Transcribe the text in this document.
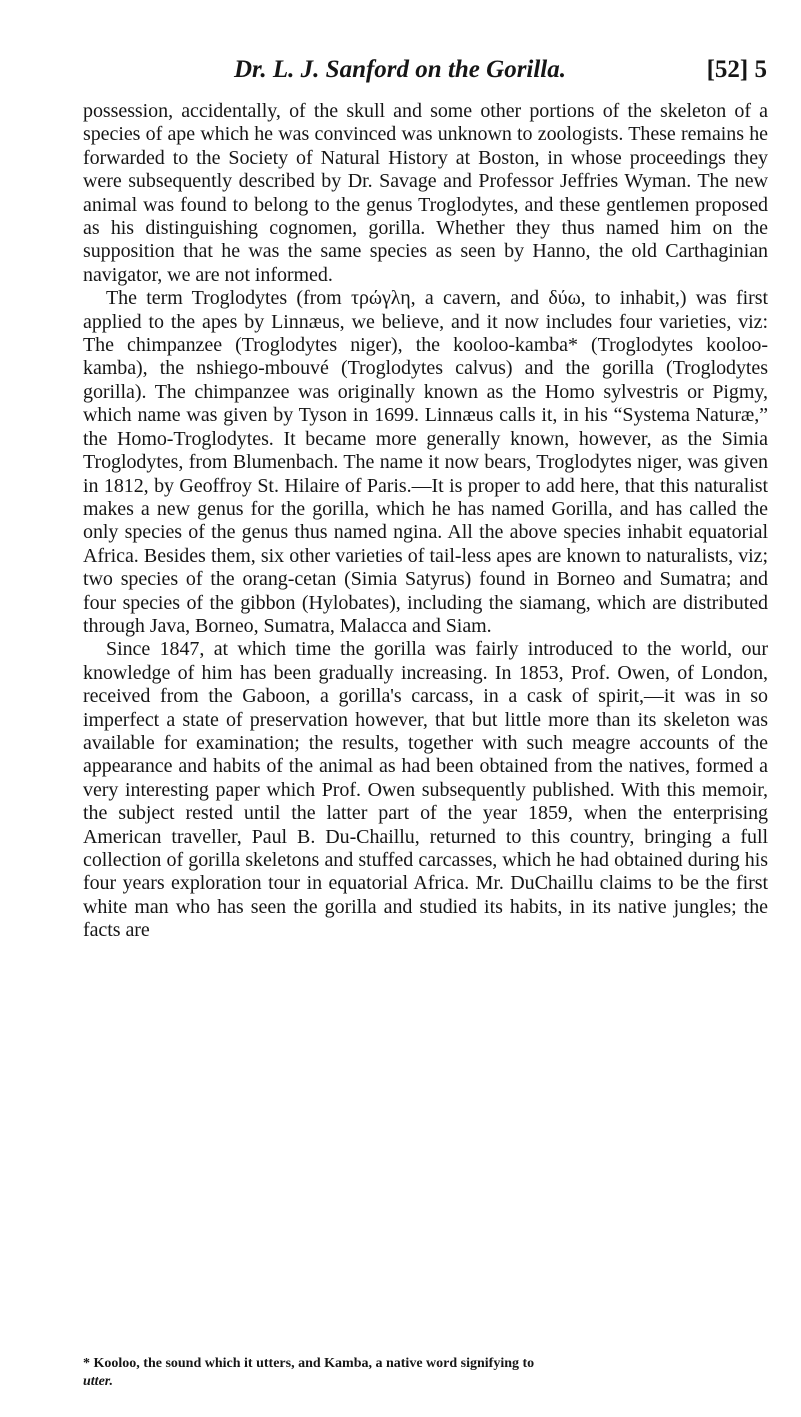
Dr. L. J. Sanford on the Gorilla.	[52] 5

possession, accidentally, of the skull and some other portions of the skeleton of a species of ape which he was convinced was unknown to zoologists. These remains he forwarded to the Society of Natural History at Boston, in whose proceedings they were subsequently described by Dr. Savage and Professor Jeffries Wyman. The new animal was found to belong to the genus Troglodytes, and these gentlemen proposed as his distinguishing cognomen, gorilla. Whether they thus named him on the supposition that he was the same species as seen by Hanno, the old Carthaginian navigator, we are not informed.

The term Troglodytes (from τρώγλη, a cavern, and δύω, to inhabit,) was first applied to the apes by Linnæus, we believe, and it now includes four varieties, viz: The chimpanzee (Troglodytes niger), the kooloo-kamba* (Troglodytes kooloo-kamba), the nshiego-mbouvé (Troglodytes calvus) and the gorilla (Troglodytes gorilla). The chimpanzee was originally known as the Homo sylvestris or Pigmy, which name was given by Tyson in 1699. Linnæus calls it, in his “Systema Naturæ,” the Homo-Troglodytes. It became more generally known, however, as the Simia Troglodytes, from Blumenbach. The name it now bears, Troglodytes niger, was given in 1812, by Geoffroy St. Hilaire of Paris.—It is proper to add here, that this naturalist makes a new genus for the gorilla, which he has named Gorilla, and has called the only species of the genus thus named ngina. All the above species inhabit equatorial Africa. Besides them, six other varieties of tail-less apes are known to naturalists, viz; two species of the orang-cetan (Simia Satyrus) found in Borneo and Sumatra; and four species of the gibbon (Hylobates), including the siamang, which are distributed through Java, Borneo, Sumatra, Malacca and Siam.

Since 1847, at which time the gorilla was fairly introduced to the world, our knowledge of him has been gradually increasing. In 1853, Prof. Owen, of London, received from the Gaboon, a gorilla's carcass, in a cask of spirit,—it was in so imperfect a state of preservation however, that but little more than its skeleton was available for examination; the results, together with such meagre accounts of the appearance and habits of the animal as had been obtained from the natives, formed a very interesting paper which Prof. Owen subsequently published. With this memoir, the subject rested until the latter part of the year 1859, when the enterprising American traveller, Paul B. Du-Chaillu, returned to this country, bringing a full collection of gorilla skeletons and stuffed carcasses, which he had obtained during his four years exploration tour in equatorial Africa. Mr. DuChaillu claims to be the first white man who has seen the gorilla and studied its habits, in its native jungles; the facts are

* Kooloo, the sound which it utters, and Kamba, a native word signifying to
utter.
